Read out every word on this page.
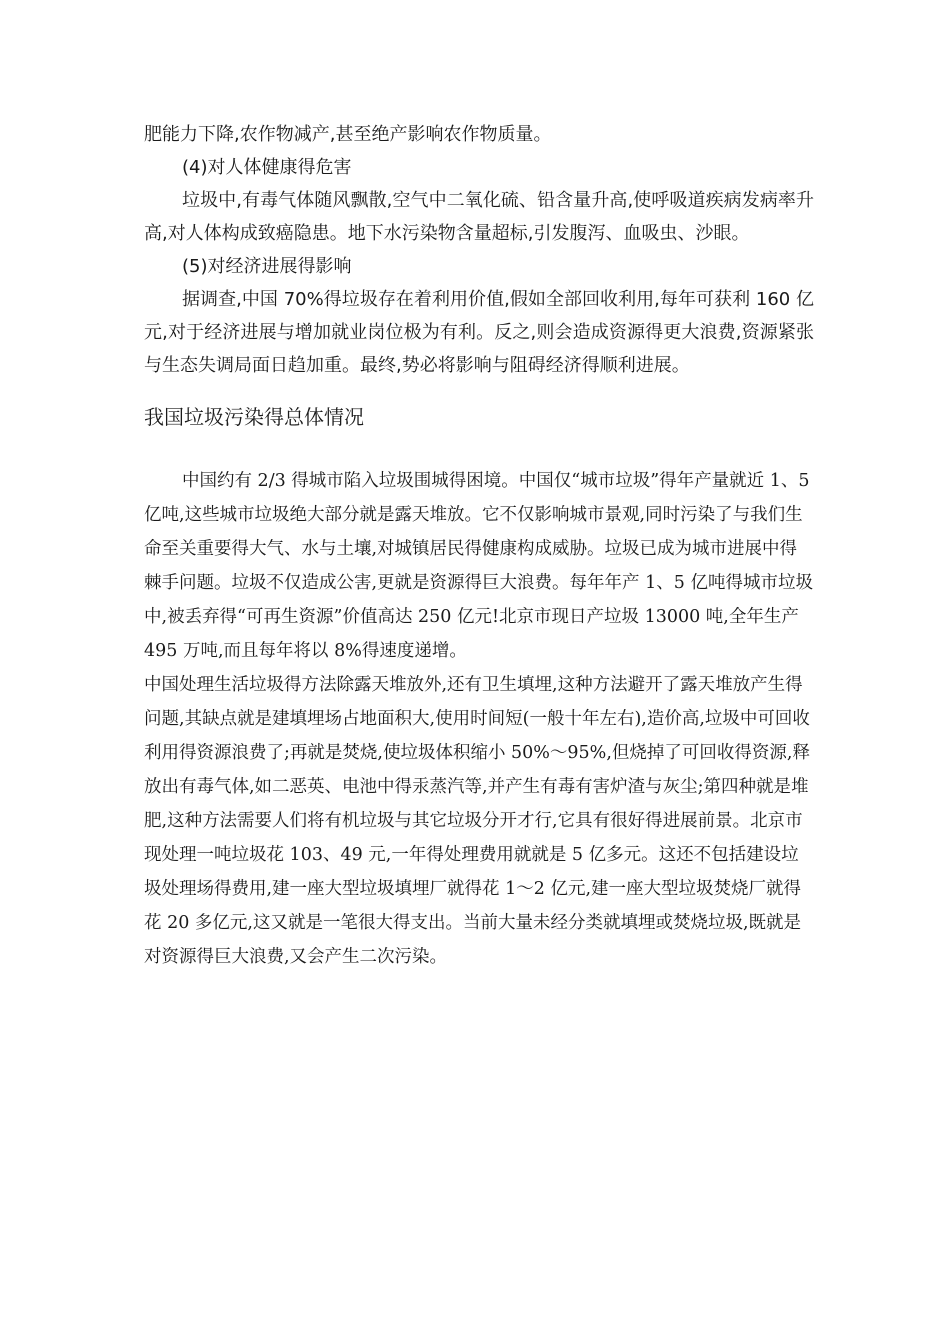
肥能力下降,农作物减产,甚至绝产影响农作物质量。

(4)对人体健康得危害

垃圾中,有毒气体随风飘散,空气中二氧化硫、铅含量升高,使呼吸道疾病发病率升高,对人体构成致癌隐患。地下水污染物含量超标,引发腹泻、血吸虫、沙眼。

(5)对经济进展得影响

据调查,中国 70%得垃圾存在着利用价值,假如全部回收利用,每年可获利 160 亿元,对于经济进展与增加就业岗位极为有利。反之,则会造成资源得更大浪费,资源紧张与生态失调局面日趋加重。最终,势必将影响与阻碍经济得顺利进展。

我国垃圾污染得总体情况

中国约有 2/3 得城市陷入垃圾围城得困境。中国仅“城市垃圾”得年产量就近 1、5 亿吨,这些城市垃圾绝大部分就是露天堆放。它不仅影响城市景观,同时污染了与我们生命至关重要得大气、水与土壤,对城镇居民得健康构成威胁。垃圾已成为城市进展中得棘手问题。垃圾不仅造成公害,更就是资源得巨大浪费。每年年产 1、5 亿吨得城市垃圾中,被丢弃得“可再生资源”价值高达 250 亿元!北京市现日产垃圾 13000 吨,全年生产 495 万吨,而且每年将以 8%得速度递增。

中国处理生活垃圾得方法除露天堆放外,还有卫生填埋,这种方法避开了露天堆放产生得问题,其缺点就是建填埋场占地面积大,使用时间短(一般十年左右),造价高,垃圾中可回收利用得资源浪费了;再就是焚烧,使垃圾体积缩小 50%～95%,但烧掉了可回收得资源,释放出有毒气体,如二恶英、电池中得汞蒸汽等,并产生有毒有害炉渣与灰尘;第四种就是堆肥,这种方法需要人们将有机垃圾与其它垃圾分开才行,它具有很好得进展前景。北京市现处理一吨垃圾花 103、49 元,一年得处理费用就就是 5 亿多元。这还不包括建设垃圾处理场得费用,建一座大型垃圾填埋厂就得花 1～2 亿元,建一座大型垃圾焚烧厂就得花 20 多亿元,这又就是一笔很大得支出。当前大量未经分类就填埋或焚烧垃圾,既就是对资源得巨大浪费,又会产生二次污染。
